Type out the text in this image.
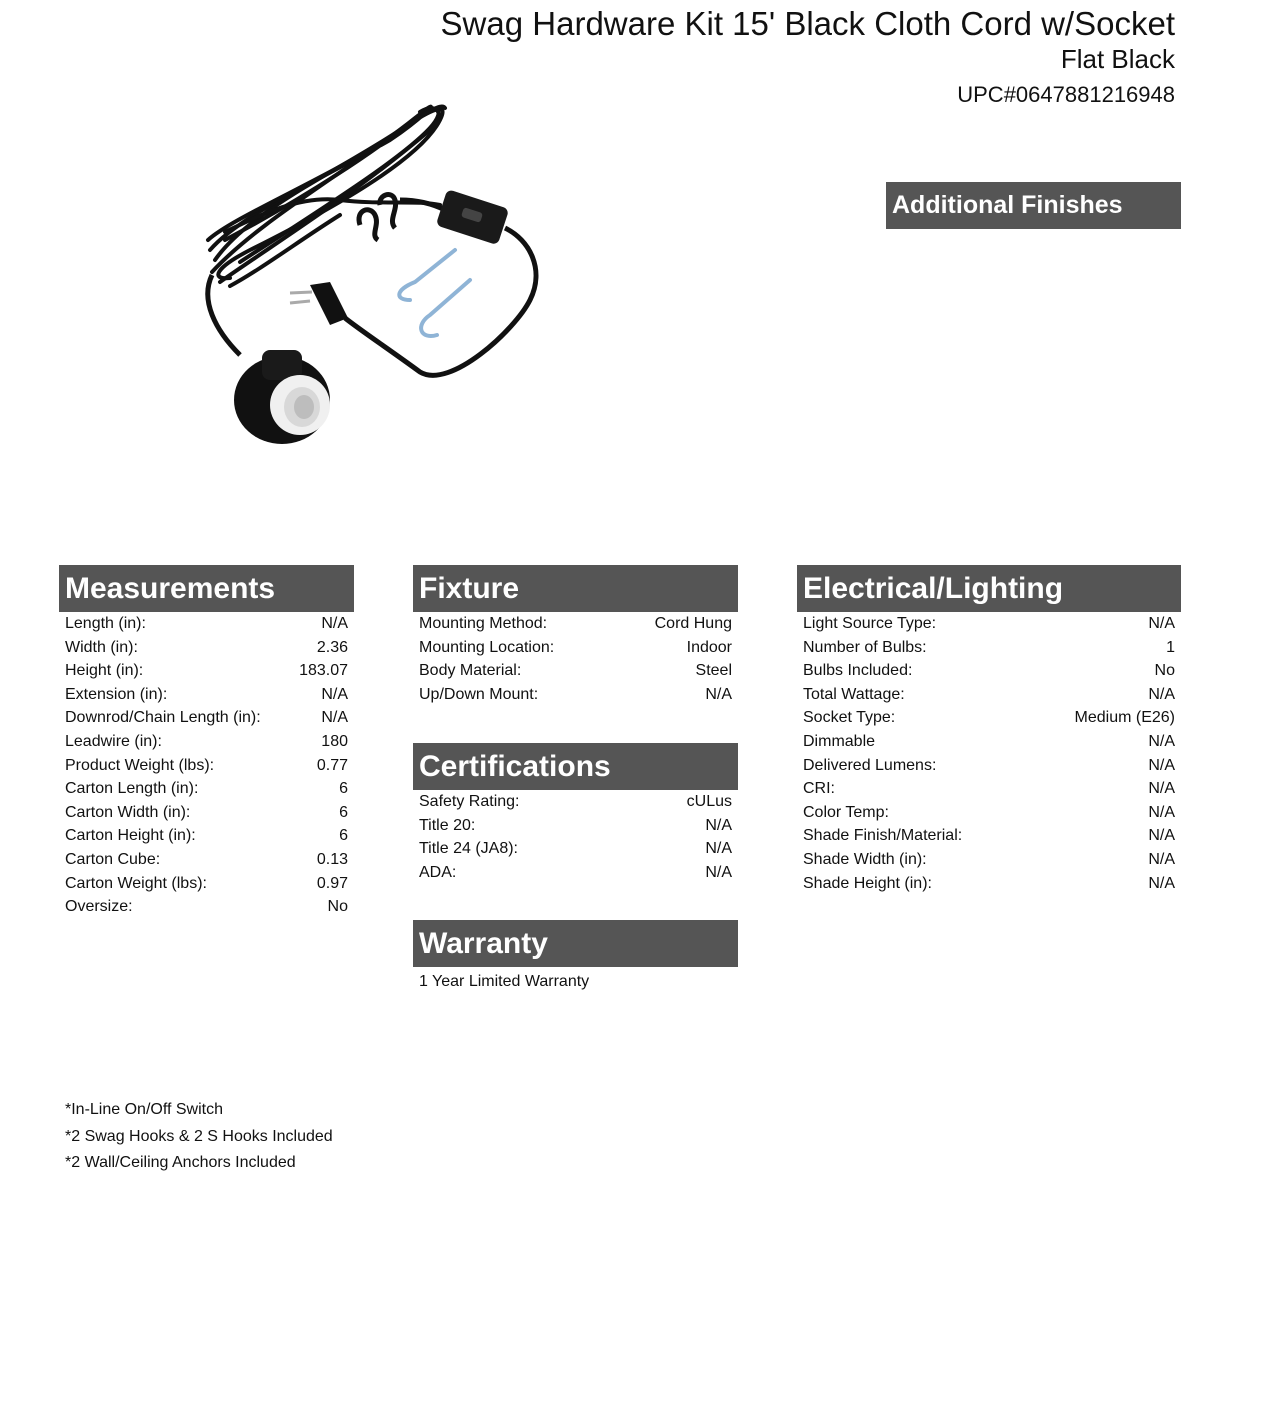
Swag Hardware Kit 15' Black Cloth Cord w/Socket
Flat Black
UPC#0647881216948
Additional Finishes
Measurements
Length (in):	N/A
Width (in):	2.36
Height (in):	183.07
Extension (in):	N/A
Downrod/Chain Length (in):	N/A
Leadwire (in):	180
Product Weight (lbs):	0.77
Carton Length (in):	6
Carton Width (in):	6
Carton Height (in):	6
Carton Cube:	0.13
Carton Weight (lbs):	0.97
Oversize:	No
Fixture
Mounting Method:	Cord Hung
Mounting Location:	Indoor
Body Material:	Steel
Up/Down Mount:	N/A
Certifications
Safety Rating:	cULus
Title 20:	N/A
Title 24 (JA8):	N/A
ADA:	N/A
Warranty
1 Year Limited Warranty
Electrical/Lighting
Light Source Type:	N/A
Number of Bulbs:	1
Bulbs Included:	No
Total Wattage:	N/A
Socket Type:	Medium (E26)
Dimmable	N/A
Delivered Lumens:	N/A
CRI:	N/A
Color Temp:	N/A
Shade Finish/Material:	N/A
Shade Width (in):	N/A
Shade Height (in):	N/A
*In-Line On/Off Switch
*2 Swag Hooks & 2 S Hooks Included
*2 Wall/Ceiling Anchors Included
